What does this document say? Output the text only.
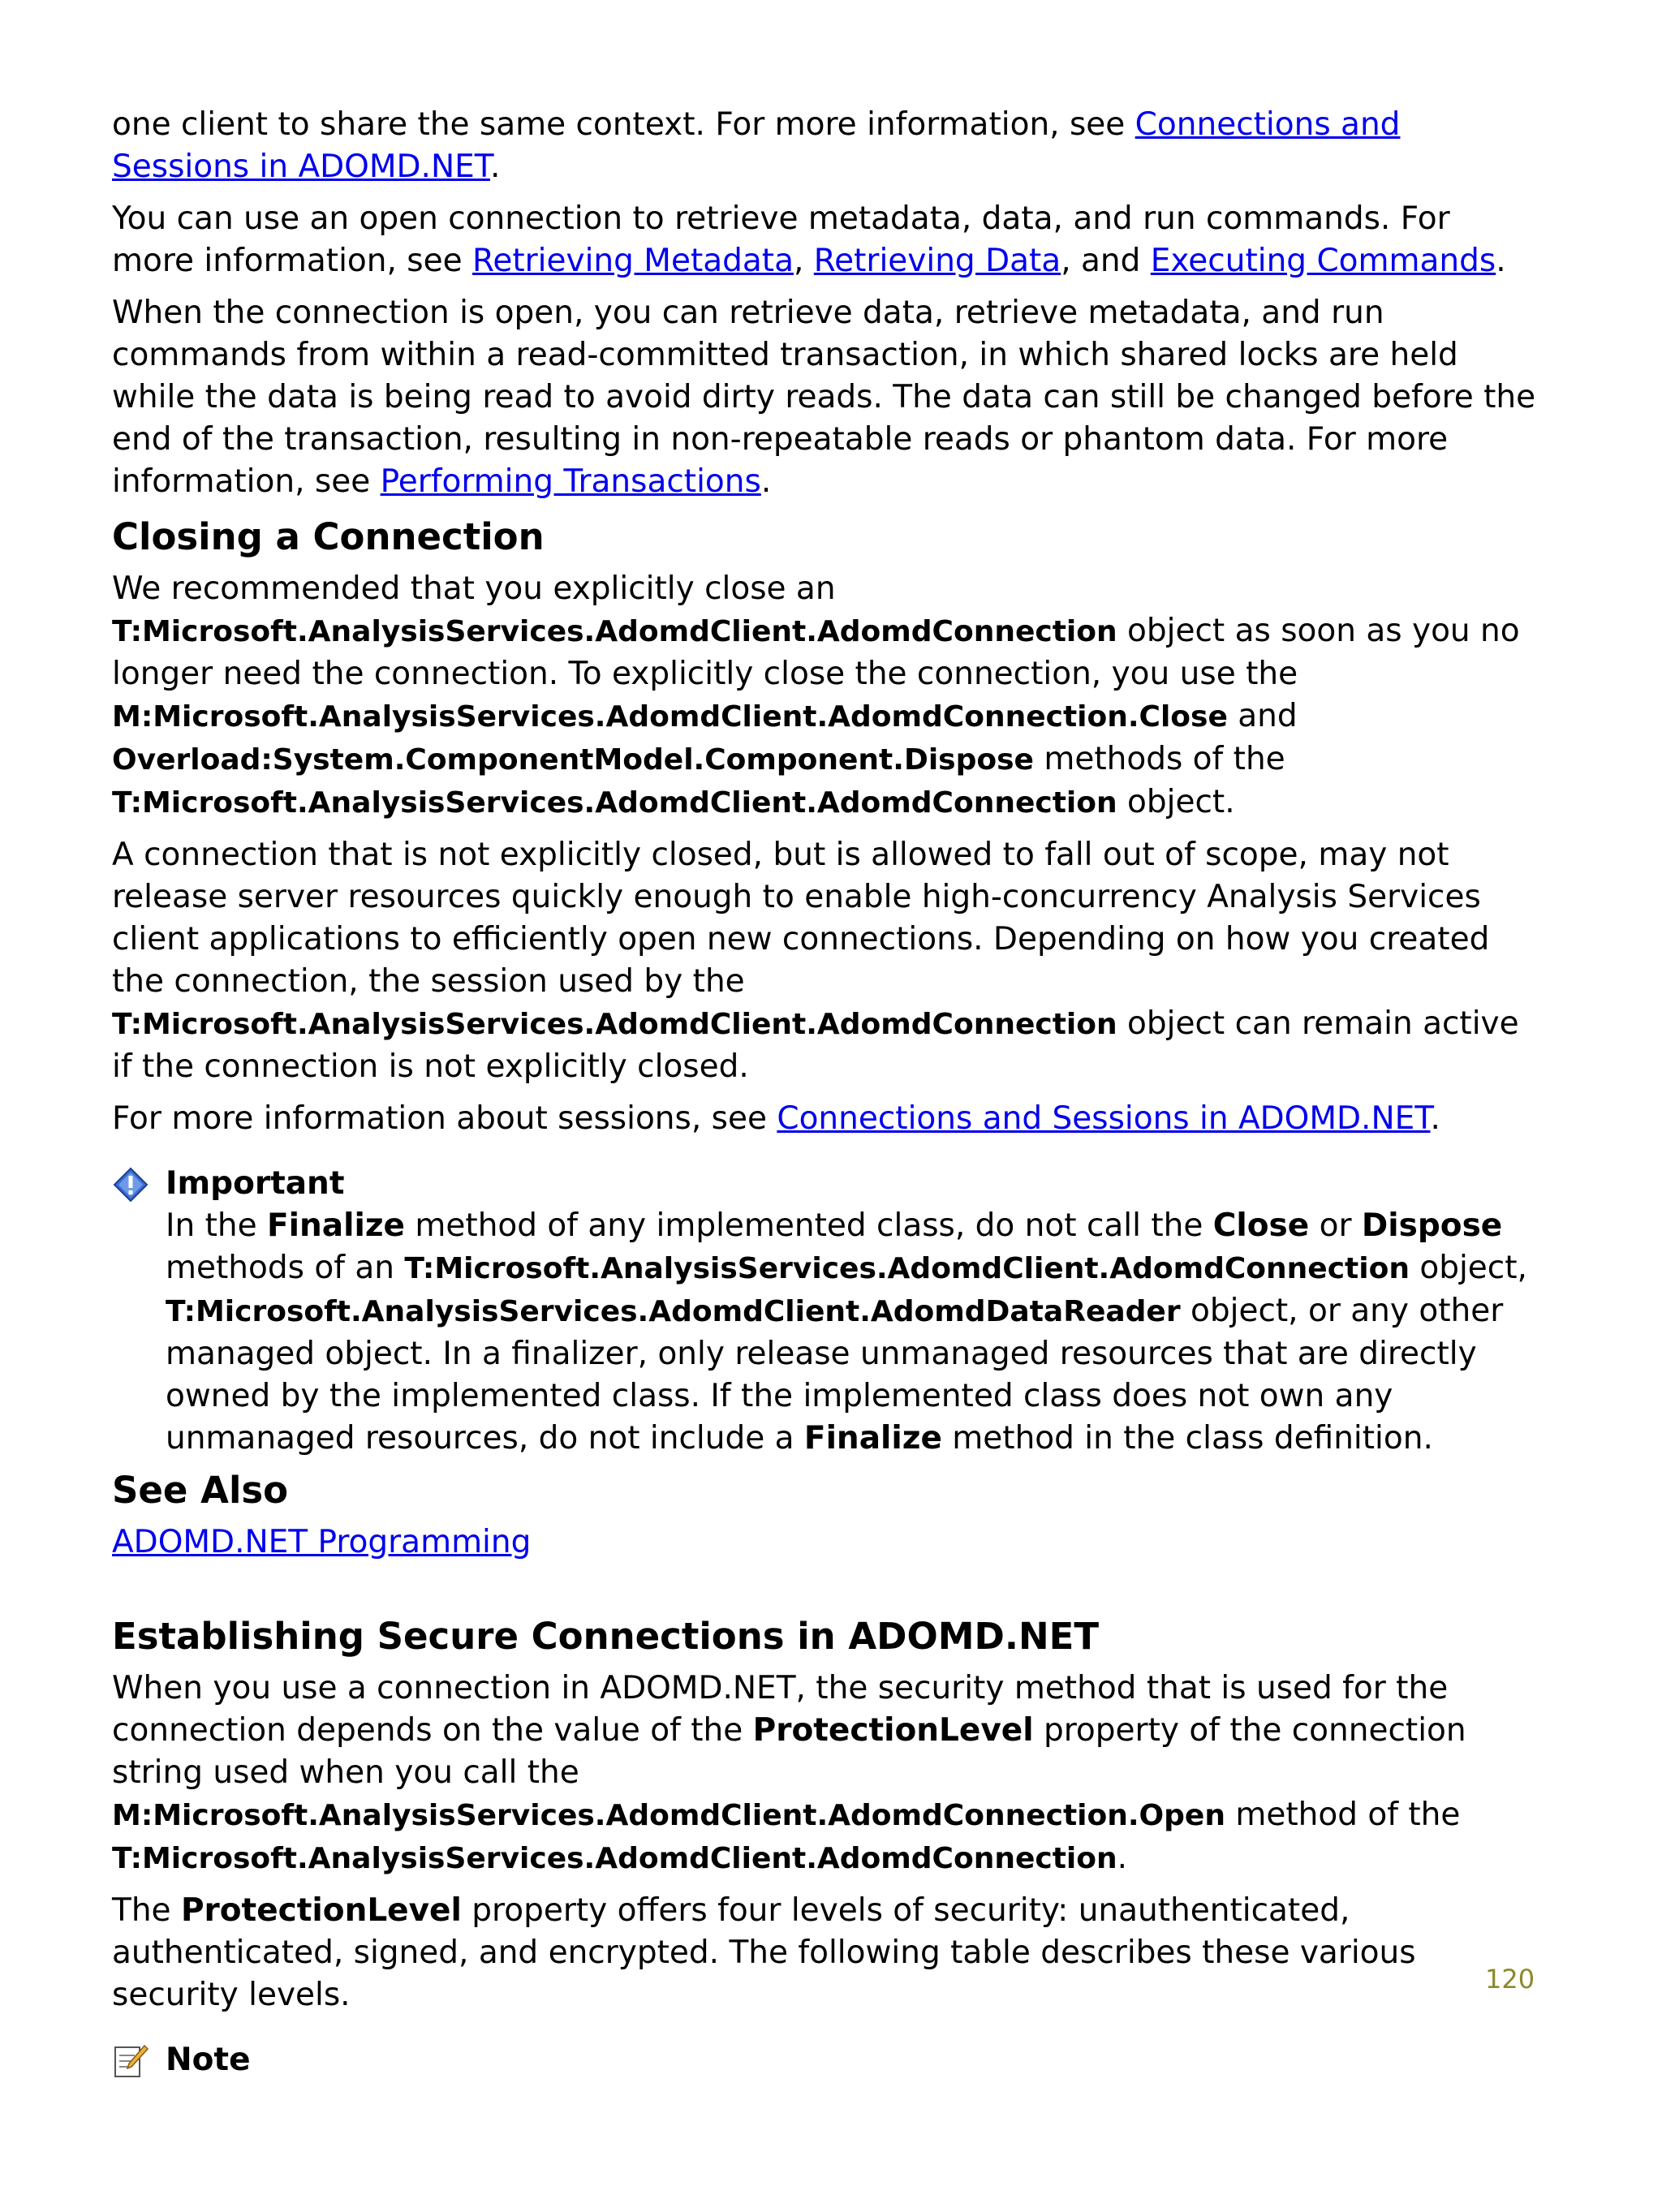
one client to share the same context. For more information, see Connections and Sessions in ADOMD.NET.

You can use an open connection to retrieve metadata, data, and run commands. For more information, see Retrieving Metadata, Retrieving Data, and Executing Commands.

When the connection is open, you can retrieve data, retrieve metadata, and run commands from within a read-committed transaction, in which shared locks are held while the data is being read to avoid dirty reads. The data can still be changed before the end of the transaction, resulting in non-repeatable reads or phantom data. For more information, see Performing Transactions.

Closing a Connection

We recommended that you explicitly close an T:Microsoft.AnalysisServices.AdomdClient.AdomdConnection object as soon as you no longer need the connection. To explicitly close the connection, you use the M:Microsoft.AnalysisServices.AdomdClient.AdomdConnection.Close and Overload:System.ComponentModel.Component.Dispose methods of the T:Microsoft.AnalysisServices.AdomdClient.AdomdConnection object.

A connection that is not explicitly closed, but is allowed to fall out of scope, may not release server resources quickly enough to enable high-concurrency Analysis Services client applications to efficiently open new connections. Depending on how you created the connection, the session used by the T:Microsoft.AnalysisServices.AdomdClient.AdomdConnection object can remain active if the connection is not explicitly closed.

For more information about sessions, see Connections and Sessions in ADOMD.NET.

Important
In the Finalize method of any implemented class, do not call the Close or Dispose methods of an T:Microsoft.AnalysisServices.AdomdClient.AdomdConnection object, T:Microsoft.AnalysisServices.AdomdClient.AdomdDataReader object, or any other managed object. In a finalizer, only release unmanaged resources that are directly owned by the implemented class. If the implemented class does not own any unmanaged resources, do not include a Finalize method in the class definition.
See Also

ADOMD.NET Programming

Establishing Secure Connections in ADOMD.NET

When you use a connection in ADOMD.NET, the security method that is used for the connection depends on the value of the ProtectionLevel property of the connection string used when you call the M:Microsoft.AnalysisServices.AdomdClient.AdomdConnection.Open method of the T:Microsoft.AnalysisServices.AdomdClient.AdomdConnection.

The ProtectionLevel property offers four levels of security: unauthenticated, authenticated, signed, and encrypted. The following table describes these various security levels.

Note
120
